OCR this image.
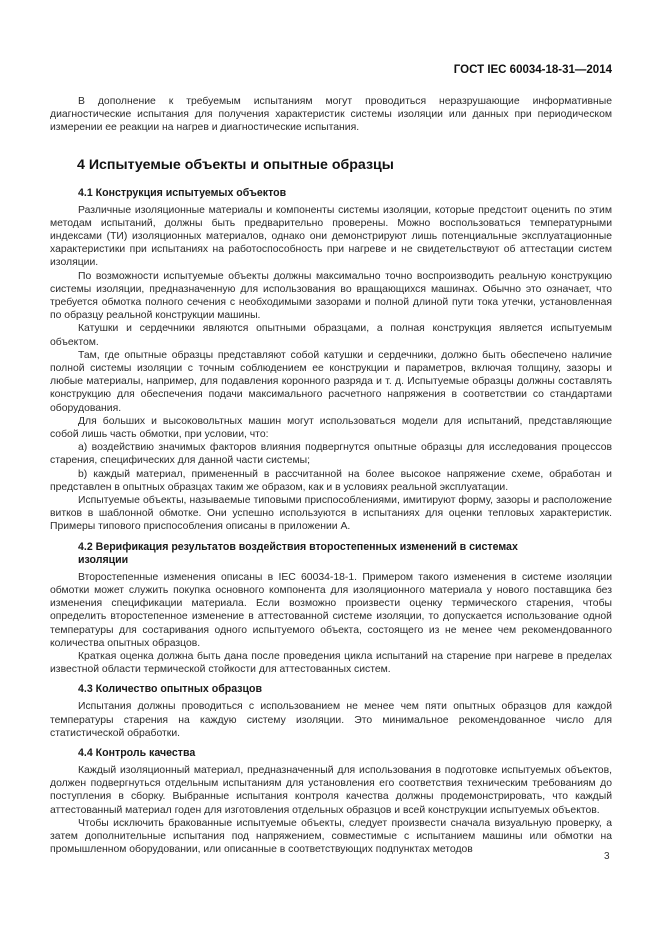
ГОСТ IEC 60034-18-31—2014

В дополнение к требуемым испытаниям могут проводиться неразрушающие информативные диагностические испытания для получения характеристик системы изоляции или данных при периодическом измерении ее реакции на нагрев и диагностические испытания.

4 Испытуемые объекты и опытные образцы
4.1 Конструкция испытуемых объектов

Различные изоляционные материалы и компоненты системы изоляции, которые предстоит оценить по этим методам испытаний, должны быть предварительно проверены. Можно воспользоваться температурными индексами (ТИ) изоляционных материалов, однако они демонстрируют лишь потенциальные эксплуатационные характеристики при испытаниях на работоспособность при нагреве и не свидетельствуют об аттестации систем изоляции.

По возможности испытуемые объекты должны максимально точно воспроизводить реальную конструкцию системы изоляции, предназначенную для использования во вращающихся машинах. Обычно это означает, что требуется обмотка полного сечения с необходимыми зазорами и полной длиной пути тока утечки, установленная по образцу реальной конструкции машины.

Катушки и сердечники являются опытными образцами, а полная конструкция является испытуемым объектом.

Там, где опытные образцы представляют собой катушки и сердечники, должно быть обеспечено наличие полной системы изоляции с точным соблюдением ее конструкции и параметров, включая толщину, зазоры и любые материалы, например, для подавления коронного разряда и т. д. Испытуемые образцы должны составлять конструкцию для обеспечения подачи максимального расчетного напряжения в соответствии со стандартами оборудования.

Для больших и высоковольтных машин могут использоваться модели для испытаний, представляющие собой лишь часть обмотки, при условии, что:

a) воздействию значимых факторов влияния подвергнутся опытные образцы для исследования процессов старения, специфических для данной части системы;

b) каждый материал, примененный в рассчитанной на более высокое напряжение схеме, обработан и представлен в опытных образцах таким же образом, как и в условиях реальной эксплуатации.

Испытуемые объекты, называемые типовыми приспособлениями, имитируют форму, зазоры и расположение витков в шаблонной обмотке. Они успешно используются в испытаниях для оценки тепловых характеристик. Примеры типового приспособления описаны в приложении А.

4.2 Верификация результатов воздействия второстепенных изменений в системах изоляции

Второстепенные изменения описаны в IEC 60034-18-1. Примером такого изменения в системе изоляции обмотки может служить покупка основного компонента для изоляционного материала у нового поставщика без изменения спецификации материала. Если возможно произвести оценку термического старения, чтобы определить второстепенное изменение в аттестованной системе изоляции, то допускается использование одной температуры для состаривания одного испытуемого объекта, состоящего из не менее чем рекомендованного количества опытных образцов.

Краткая оценка должна быть дана после проведения цикла испытаний на старение при нагреве в пределах известной области термической стойкости для аттестованных систем.

4.3 Количество опытных образцов

Испытания должны проводиться с использованием не менее чем пяти опытных образцов для каждой температуры старения на каждую систему изоляции. Это минимальное рекомендованное число для статистической обработки.

4.4 Контроль качества

Каждый изоляционный материал, предназначенный для использования в подготовке испытуемых объектов, должен подвергнуться отдельным испытаниям для установления его соответствия техническим требованиям до поступления в сборку. Выбранные испытания контроля качества должны продемонстрировать, что каждый аттестованный материал годен для изготовления отдельных образцов и всей конструкции испытуемых объектов.

Чтобы исключить бракованные испытуемые объекты, следует произвести сначала визуальную проверку, а затем дополнительные испытания под напряжением, совместимые с испытанием машины или обмотки на промышленном оборудовании, или описанные в соответствующих подпунктах методов

3
